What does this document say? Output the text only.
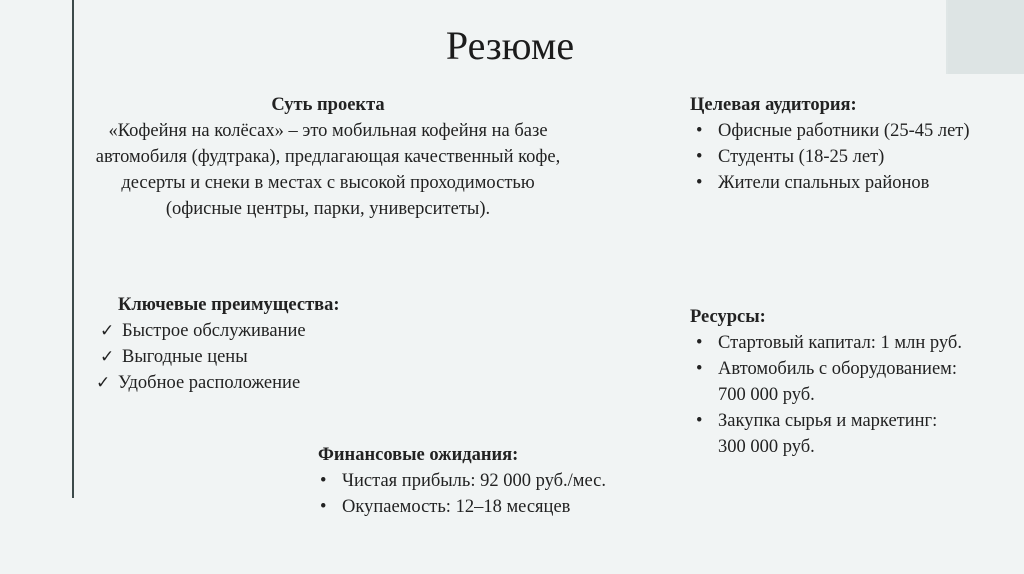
Резюме
Суть проекта
«Кофейня на колёсах» – это мобильная кофейня на базе автомобиля (фудтрака), предлагающая качественный кофе, десерты и снеки в местах с высокой проходимостью (офисные центры, парки, университеты).
Целевая аудитория:
• Офисные работники (25-45 лет)
• Студенты (18-25 лет)
• Жители спальных районов
Ключевые преимущества:
✓ Быстрое обслуживание
✓ Выгодные цены
✓ Удобное расположение
Ресурсы:
• Стартовый капитал: 1 млн руб.
• Автомобиль с оборудованием: 700 000 руб.
• Закупка сырья и маркетинг: 300 000 руб.
Финансовые ожидания:
• Чистая прибыль: 92 000 руб./мес.
• Окупаемость: 12–18 месяцев
